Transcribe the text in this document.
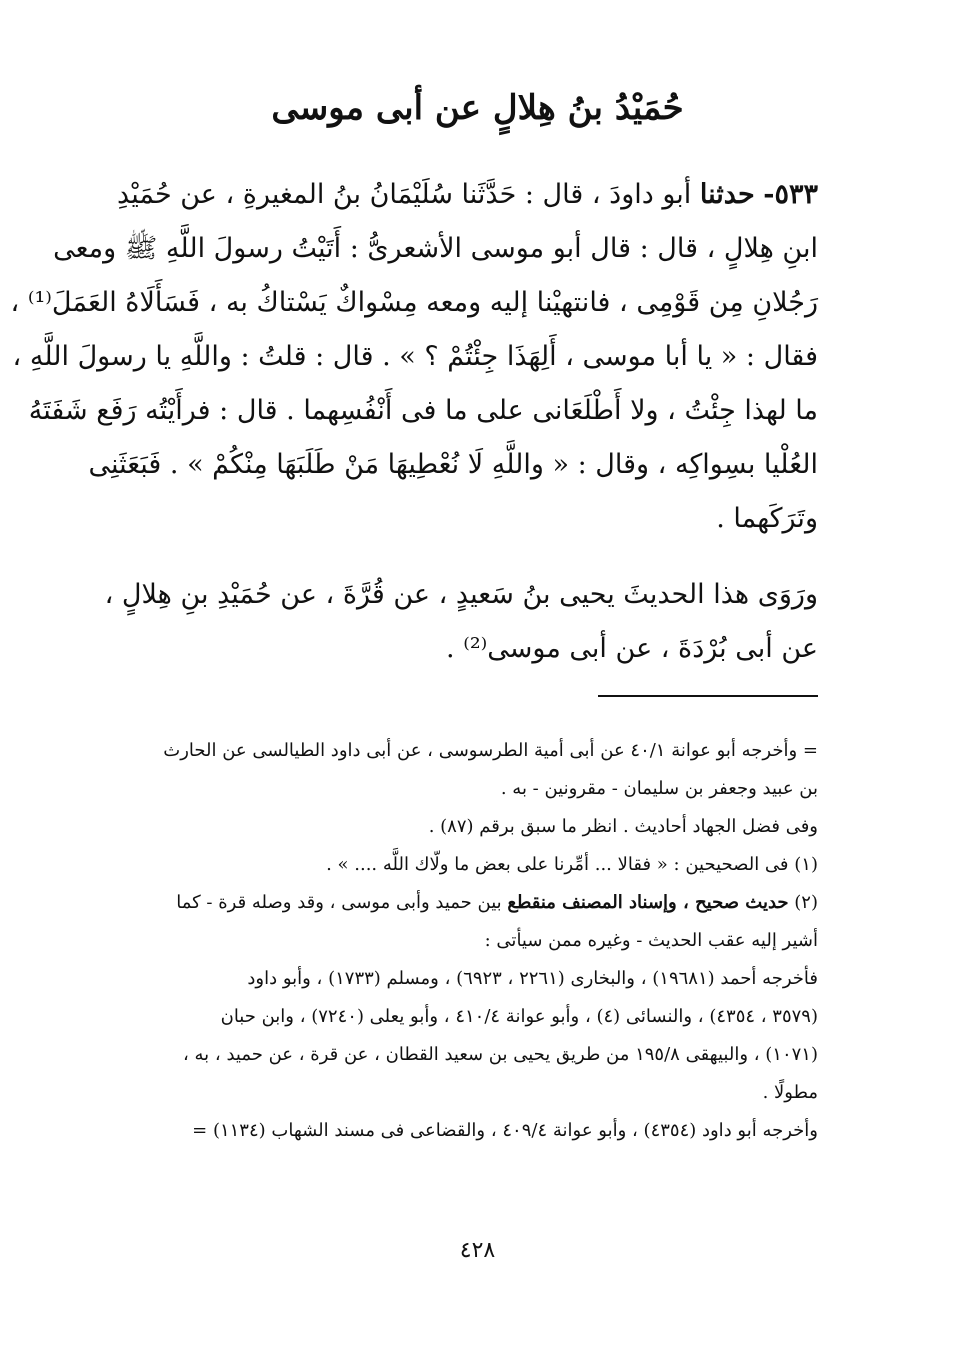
حُمَيْدُ بنُ هِلالٍ عن أبى موسى
٥٣٣- حدثنا أبو داودَ ، قال : حَدَّثَنا سُلَيْمَانُ بنُ المغيرةِ ، عن حُمَيْدِ
ابنِ هِلالٍ ، قال : قال أبو موسى الأشعرىُّ : أَتَيْتُ رسولَ اللَّهِ ﷺ ومعى
رَجُلانِ مِن قَوْمِى ، فانتهيْنا إليه ومعه مِسْواكٌ يَسْتاكُ به ، فَسَأَلَاهُ العَمَلَ⁽¹⁾ ،
فقال : « يا أبا موسى ، أَلِهَذَا جِئْتُمْ ؟ » . قال : قلتُ : واللَّهِ يا رسولَ اللَّهِ ،
ما لهذا جِئْتُ ، ولا أَطْلَعَانى على ما فى أَنْفُسِهما . قال : فرأَيْتُه رَفَع شَفَتَهُ
العُلْيا بسِواكِه ، وقال : « واللَّهِ لَا نُعْطِيهَا مَنْ طَلَبَهَا مِنْكُمْ » . فَبَعَثَنِى
وتَرَكَهما .
ورَوَى هذا الحديثَ يحيى بنُ سَعيدٍ ، عن قُرَّةَ ، عن حُمَيْدِ بنِ هِلالٍ ،
عن أبى بُرْدَةَ ، عن أبى موسى⁽²⁾ .
= وأخرجه أبو عوانة ٤٠/١ عن أبى أمية الطرسوسى ، عن أبى داود الطيالسى عن الحارث
بن عبيد وجعفر بن سليمان - مقرونين - به .
وفى فضل الجهاد أحاديث . انظر ما سبق برقم (٨٧) .
(١) فى الصحيحين : « فقالا ... أمِّرنا على بعض ما ولّاك اللَّه .... » .
(٢) حديث صحيح ، وإسناد المصنف منقطع بين حميد وأبى موسى ، وقد وصله قرة - كما
أشير إليه عقب الحديث - وغيره ممن سيأتى :
فأخرجه أحمد (١٩٦٨١) ، والبخارى (٢٢٦١ ، ٦٩٢٣) ، ومسلم (١٧٣٣) ، وأبو داود
(٣٥٧٩ ، ٤٣٥٤) ، والنسائى (٤) ، وأبو عوانة ٤١٠/٤ ، وأبو يعلى (٧٢٤٠) ، وابن حبان
(١٠٧١) ، والبيهقى ١٩٥/٨ من طريق يحيى بن سعيد القطان ، عن قرة ، عن حميد ، به ،
مطولًا .
وأخرجه أبو داود (٤٣٥٤) ، وأبو عوانة ٤٠٩/٤ ، والقضاعى فى مسند الشهاب (١١٣٤) =
٤٢٨
